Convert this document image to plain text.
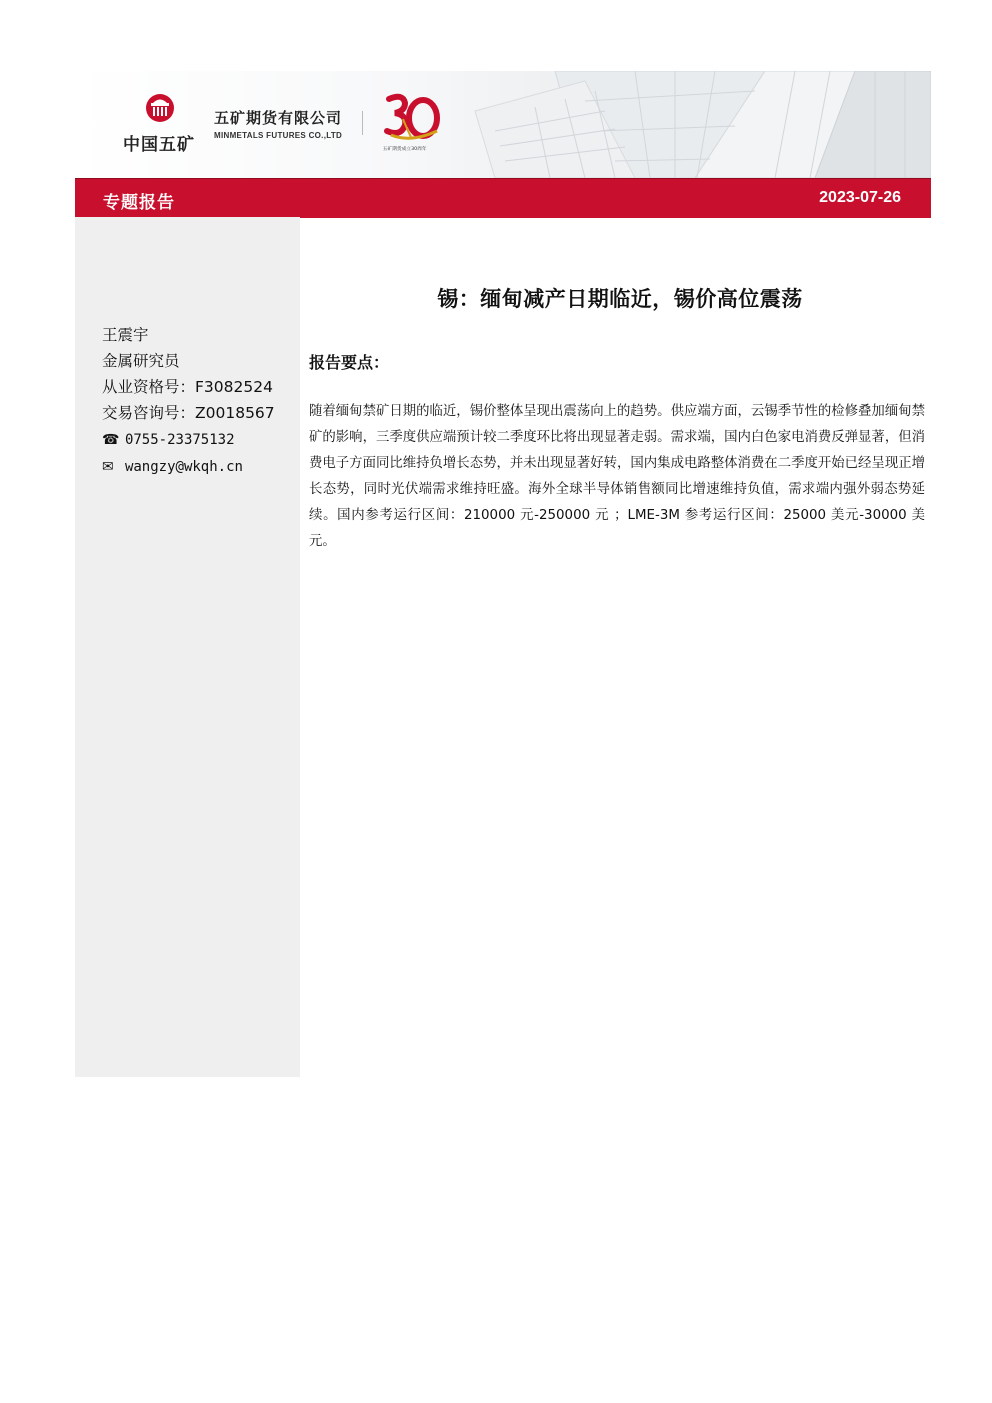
中国五矿
五矿期货有限公司
MINMETALS FUTURES CO.,LTD
五矿期货成立30周年
专题报告	2023-07-26
王震宇
金属研究员
从业资格号：F3082524
交易咨询号：Z0018567
☎ 0755-23375132
✉ wangzy@wkqh.cn
锡：缅甸减产日期临近，锡价高位震荡
报告要点：
随着缅甸禁矿日期的临近，锡价整体呈现出震荡向上的趋势。供应端方面，云锡季节性的检修叠加缅甸禁矿的影响，三季度供应端预计较二季度环比将出现显著走弱。需求端，国内白色家电消费反弹显著，但消费电子方面同比维持负增长态势，并未出现显著好转，国内集成电路整体消费在二季度开始已经呈现正增长态势，同时光伏端需求维持旺盛。海外全球半导体销售额同比增速维持负值，需求端内强外弱态势延续。国内参考运行区间：210000 元-250000 元 ；LME-3M 参考运行区间：25000 美元-30000 美元。
